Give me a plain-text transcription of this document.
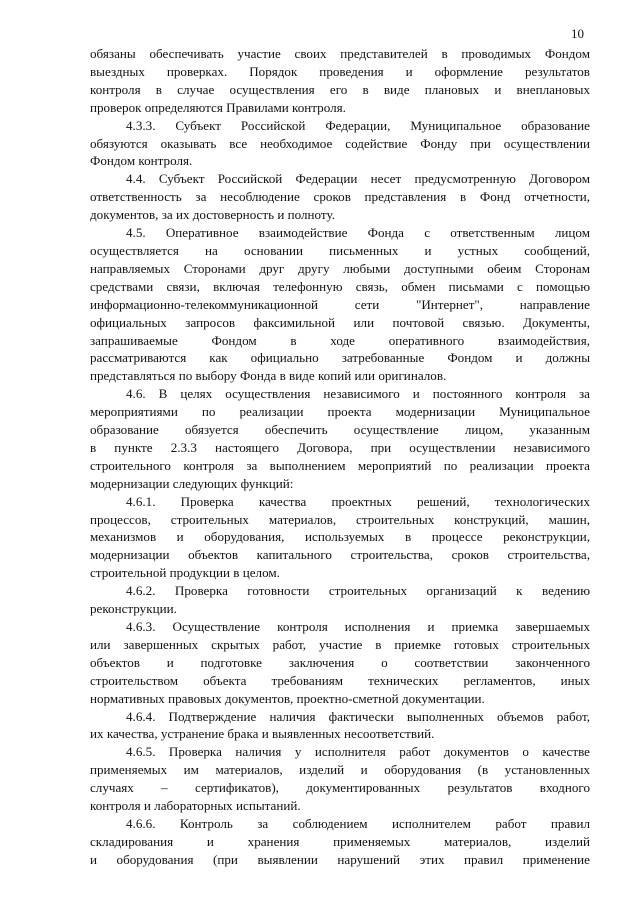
10
обязаны обеспечивать участие своих представителей в проводимых Фондом
выездных проверках. Порядок проведения и оформление результатов
контроля в случае осуществления его в виде плановых и внеплановых
проверок определяются Правилами контроля.
4.3.3. Субъект Российской Федерации, Муниципальное образование
обязуются оказывать все необходимое содействие Фонду при осуществлении
Фондом контроля.
4.4. Субъект Российской Федерации несет предусмотренную Договором
ответственность за несоблюдение сроков представления в Фонд отчетности,
документов, за их достоверность и полноту.
4.5. Оперативное взаимодействие Фонда с ответственным лицом
осуществляется на основании письменных и устных сообщений,
направляемых Сторонами друг другу любыми доступными обеим Сторонам
средствами связи, включая телефонную связь, обмен письмами с помощью
информационно-телекоммуникационной сети "Интернет", направление
официальных запросов факсимильной или почтовой связью. Документы,
запрашиваемые Фондом в ходе оперативного взаимодействия,
рассматриваются как официально затребованные Фондом и должны
представляться по выбору Фонда в виде копий или оригиналов.
4.6. В целях осуществления независимого и постоянного контроля за
мероприятиями по реализации проекта модернизации Муниципальное
образование обязуется обеспечить осуществление лицом, указанным
в пункте 2.3.3 настоящего Договора, при осуществлении независимого
строительного контроля за выполнением мероприятий по реализации проекта
модернизации следующих функций:
4.6.1. Проверка качества проектных решений, технологических
процессов, строительных материалов, строительных конструкций, машин,
механизмов и оборудования, используемых в процессе реконструкции,
модернизации объектов капитального строительства, сроков строительства,
строительной продукции в целом.
4.6.2. Проверка готовности строительных организаций к ведению
реконструкции.
4.6.3. Осуществление контроля исполнения и приемка завершаемых
или завершенных скрытых работ, участие в приемке готовых строительных
объектов и подготовке заключения о соответствии законченного
строительством объекта требованиям технических регламентов, иных
нормативных правовых документов, проектно-сметной документации.
4.6.4. Подтверждение наличия фактически выполненных объемов работ,
их качества, устранение брака и выявленных несоответствий.
4.6.5. Проверка наличия у исполнителя работ документов о качестве
применяемых им материалов, изделий и оборудования (в установленных
случаях – сертификатов), документированных результатов входного
контроля и лабораторных испытаний.
4.6.6. Контроль за соблюдением исполнителем работ правил
складирования и хранения применяемых материалов, изделий
и оборудования (при выявлении нарушений этих правил применение
